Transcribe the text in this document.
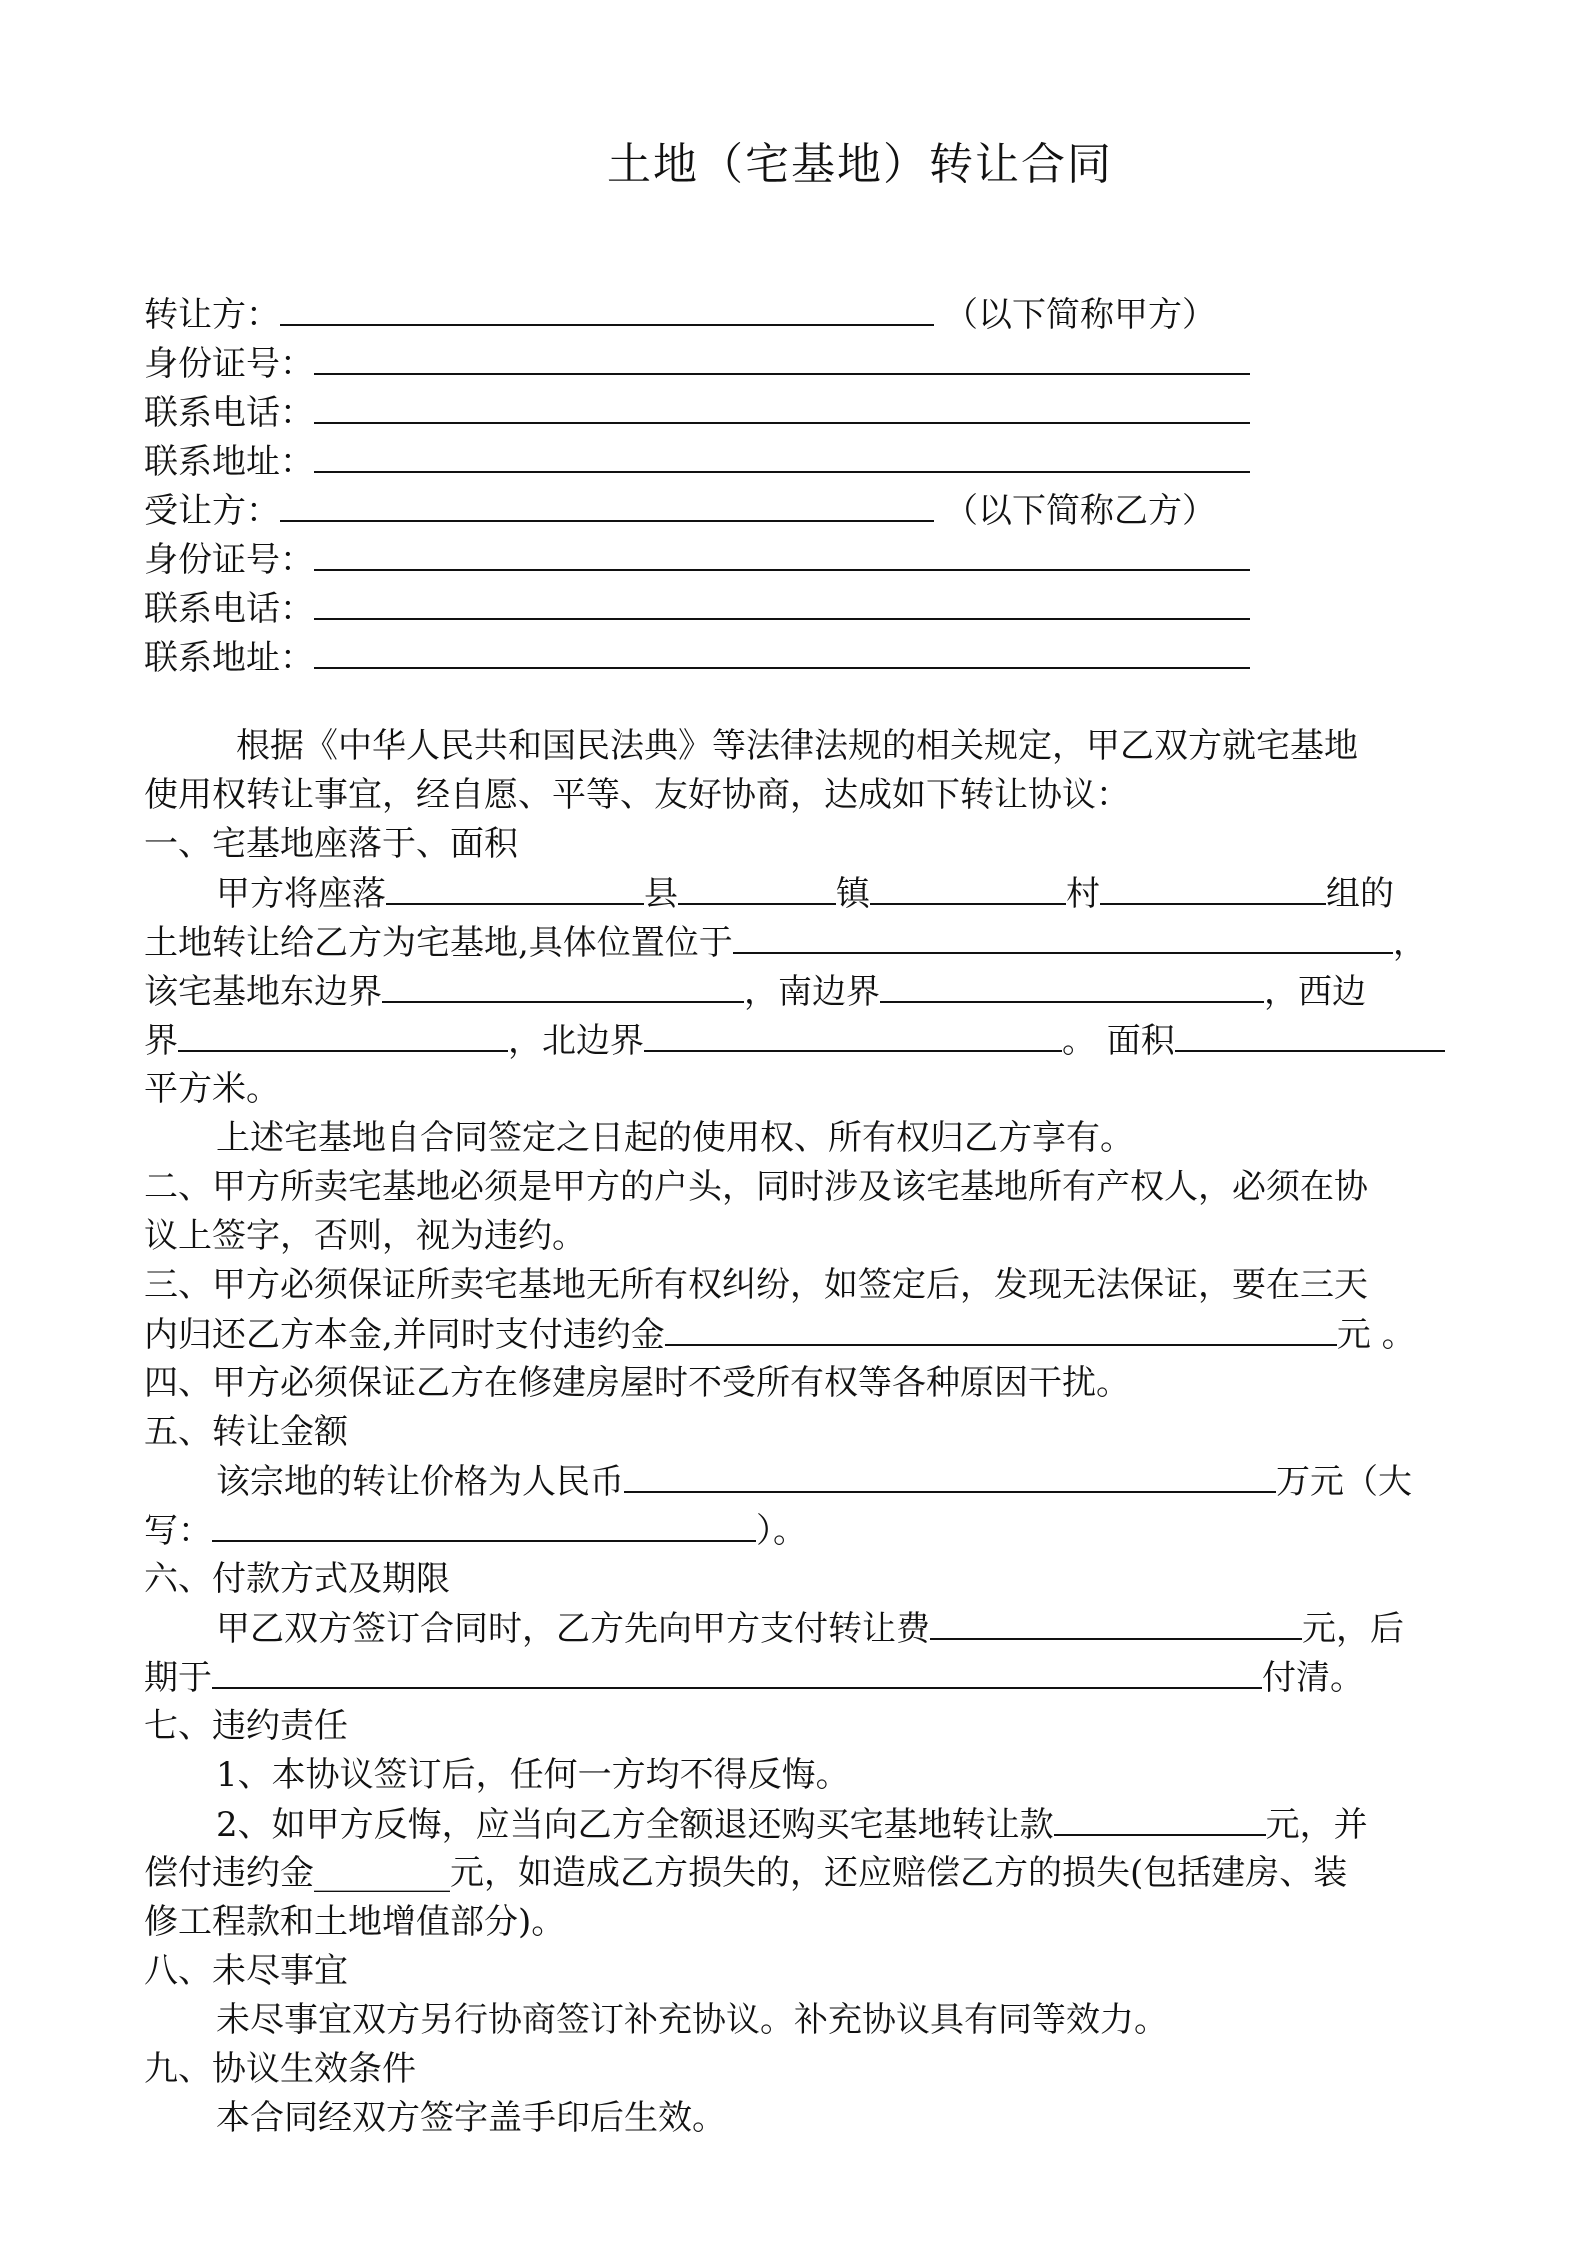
土地（宅基地）转让合同
转让方：	（以下简称甲方）
身份证号：
联系电话：
联系地址：
受让方：	（以下简称乙方）
身份证号：
联系电话：
联系地址：
根据《中华人民共和国民法典》等法律法规的相关规定，甲乙双方就宅基地
使用权转让事宜，经自愿、平等、友好协商，达成如下转让协议：
一、宅基地座落于、面积
甲方将座落	县	镇	村	组的
土地转让给乙方为宅基地,具体位置位于	，
该宅基地东边界	，南边界	，西边
界	，北边界	。 面积
平方米。
上述宅基地自合同签定之日起的使用权、所有权归乙方享有。
二、甲方所卖宅基地必须是甲方的户头，同时涉及该宅基地所有产权人，必须在协
议上签字，否则，视为违约。
三、甲方必须保证所卖宅基地无所有权纠纷，如签定后，发现无法保证，要在三天
内归还乙方本金,并同时支付违约金	元 。
四、甲方必须保证乙方在修建房屋时不受所有权等各种原因干扰。
五、转让金额
该宗地的转让价格为人民币	万元（大
写：	）。
六、付款方式及期限
甲乙双方签订合同时，乙方先向甲方支付转让费	元，后
期于	付清。
七、违约责任
1、本协议签订后，任何一方均不得反悔。
2、如甲方反悔，应当向乙方全额退还购买宅基地转让款	元，并
偿付违约金________元，如造成乙方损失的，还应赔偿乙方的损失(包括建房、装
修工程款和土地增值部分)。
八、未尽事宜
未尽事宜双方另行协商签订补充协议。补充协议具有同等效力。
九、协议生效条件
本合同经双方签字盖手印后生效。
